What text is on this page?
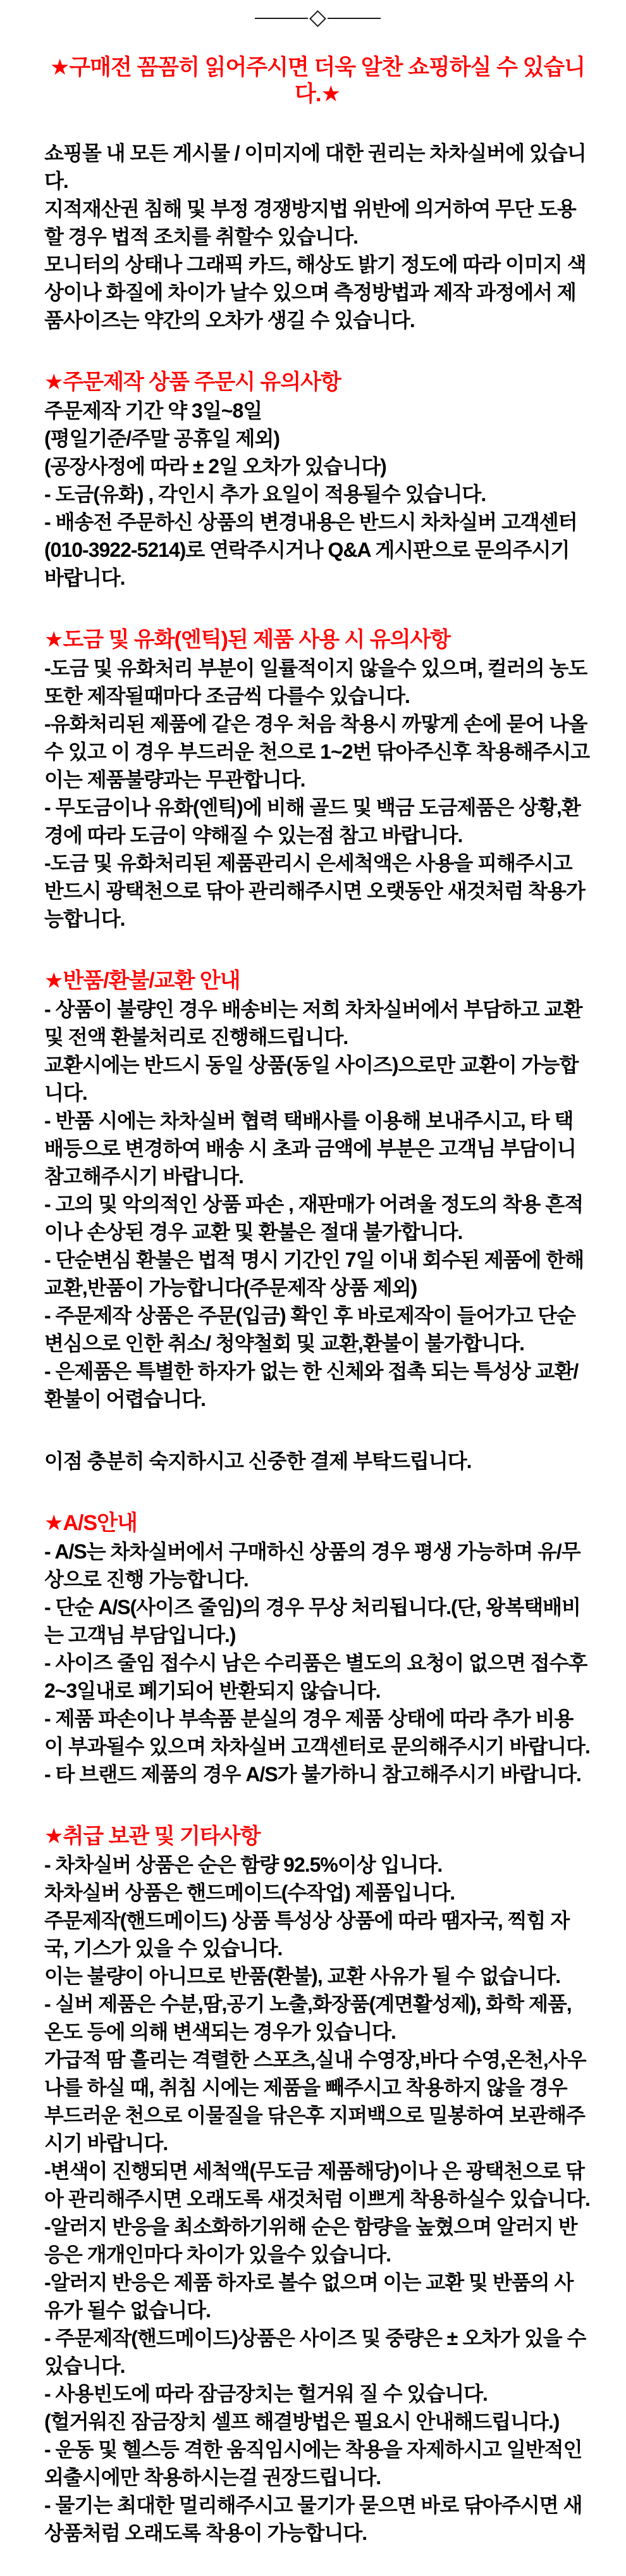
★구매전 꼼꼼히 읽어주시면 더욱 알찬 쇼핑하실 수 있습니다.★

쇼핑몰 내 모든 게시물 / 이미지에 대한 권리는 차차실버에 있습니다.

지적재산권 침해 및 부정 경쟁방지법 위반에 의거하여 무단 도용할 경우 법적 조치를 취할수 있습니다.

모니터의 상태나 그래픽 카드, 해상도 밝기 정도에 따라 이미지 색상이나 화질에 차이가 날수 있으며 측정방법과 제작 과정에서 제품사이즈는 약간의 오차가 생길 수 있습니다.

★주문제작 상품 주문시 유의사항

주문제작 기간 약 3일~8일

(평일기준/주말 공휴일 제외)

(공장사정에 따라 ± 2일 오차가 있습니다)

- 도금(유화) , 각인시 추가 요일이 적용될수 있습니다.

- 배송전 주문하신 상품의 변경내용은 반드시 차차실버 고객센터(010-3922-5214)로 연락주시거나 Q&A 게시판으로 문의주시기 바랍니다.

★도금 및 유화(엔틱)된 제품 사용 시 유의사항

-도금 및 유화처리 부분이 일률적이지 않을수 있으며, 컬러의 농도 또한 제작될때마다 조금씩 다를수 있습니다.

-유화처리된 제품에 같은 경우 처음 착용시 까맣게 손에 묻어 나올수 있고 이 경우 부드러운 천으로 1~2번 닦아주신후 착용해주시고 이는 제품불량과는 무관합니다.

- 무도금이나 유화(엔틱)에 비해 골드 및 백금 도금제품은 상황,환경에 따라 도금이 약해질 수 있는점 참고 바랍니다.

-도금 및 유화처리된 제품관리시 은세척액은 사용을 피해주시고 반드시 광택천으로 닦아 관리해주시면 오랫동안 새것처럼 착용가능합니다.

★반품/환불/교환 안내

- 상품이 불량인 경우 배송비는 저희 차차실버에서 부담하고 교환 및 전액 환불처리로 진행해드립니다.

교환시에는 반드시 동일 상품(동일 사이즈)으로만 교환이 가능합니다.

- 반품 시에는 차차실버 협력 택배사를 이용해 보내주시고, 타 택배등으로 변경하여 배송 시 초과 금액에 부분은 고객님 부담이니 참고해주시기 바랍니다.

- 고의 및 악의적인 상품 파손 , 재판매가 어려울 정도의 착용 흔적이나 손상된 경우 교환 및 환불은 절대 불가합니다.

- 단순변심 환불은 법적 명시 기간인 7일 이내 회수된 제품에 한해 교환,반품이 가능합니다(주문제작 상품 제외)

- 주문제작 상품은 주문(입금) 확인 후 바로제작이 들어가고 단순변심으로 인한 취소/ 청약철회 및 교환,환불이 불가합니다.

- 은제품은 특별한 하자가 없는 한 신체와 접촉 되는 특성상 교환/환불이 어렵습니다.

이점 충분히 숙지하시고 신중한 결제 부탁드립니다.

★A/S안내

- A/S는 차차실버에서 구매하신 상품의 경우 평생 가능하며 유/무상으로 진행 가능합니다.

- 단순 A/S(사이즈 줄임)의 경우 무상 처리됩니다.(단, 왕복택배비는 고객님 부담입니다.)

- 사이즈 줄임 접수시 남은 수리품은 별도의 요청이 없으면 접수후 2~3일내로 폐기되어 반환되지 않습니다.

- 제품 파손이나 부속품 분실의 경우 제품 상태에 따라 추가 비용이 부과될수 있으며 차차실버 고객센터로 문의해주시기 바랍니다.

- 타 브랜드 제품의 경우 A/S가 불가하니 참고해주시기 바랍니다.

★취급 보관 및 기타사항

- 차차실버 상품은 순은 함량 92.5%이상 입니다.

차차실버 상품은 핸드메이드(수작업) 제품입니다.

주문제작(핸드메이드) 상품 특성상 상품에 따라 땜자국, 찍힘 자국, 기스가 있을 수 있습니다.

이는 불량이 아니므로 반품(환불), 교환 사유가 될 수 없습니다.

- 실버 제품은 수분,땀,공기 노출,화장품(계면활성제), 화학 제품, 온도 등에 의해 변색되는 경우가 있습니다.

가급적 땀 흘리는 격렬한 스포츠,실내 수영장,바다 수영,온천,사우나를 하실 때, 취침 시에는 제품을 빼주시고 착용하지 않을 경우 부드러운 천으로 이물질을 닦은후 지퍼백으로 밀봉하여 보관해주시기 바랍니다.

-변색이 진행되면 세척액(무도금 제품해당)이나 은 광택천으로 닦아 관리해주시면 오래도록 새것처럼 이쁘게 착용하실수 있습니다.

-알러지 반응을 최소화하기위해 순은 함량을 높혔으며 알러지 반응은 개개인마다 차이가 있을수 있습니다.

-알러지 반응은 제품 하자로 볼수 없으며 이는 교환 및 반품의 사유가 될수 없습니다.

- 주문제작(핸드메이드)상품은 사이즈 및 중량은 ± 오차가 있을 수 있습니다.

- 사용빈도에 따라 잠금장치는 헐거워 질 수 있습니다.

(헐거워진 잠금장치 셀프 해결방법은 필요시 안내해드립니다.)

- 운동 및 헬스등 격한 움직임시에는 착용을 자제하시고 일반적인 외출시에만 착용하시는걸 권장드립니다.

- 물기는 최대한 멀리해주시고 물기가 묻으면 바로 닦아주시면 새상품처럼 오래도록 착용이 가능합니다.
